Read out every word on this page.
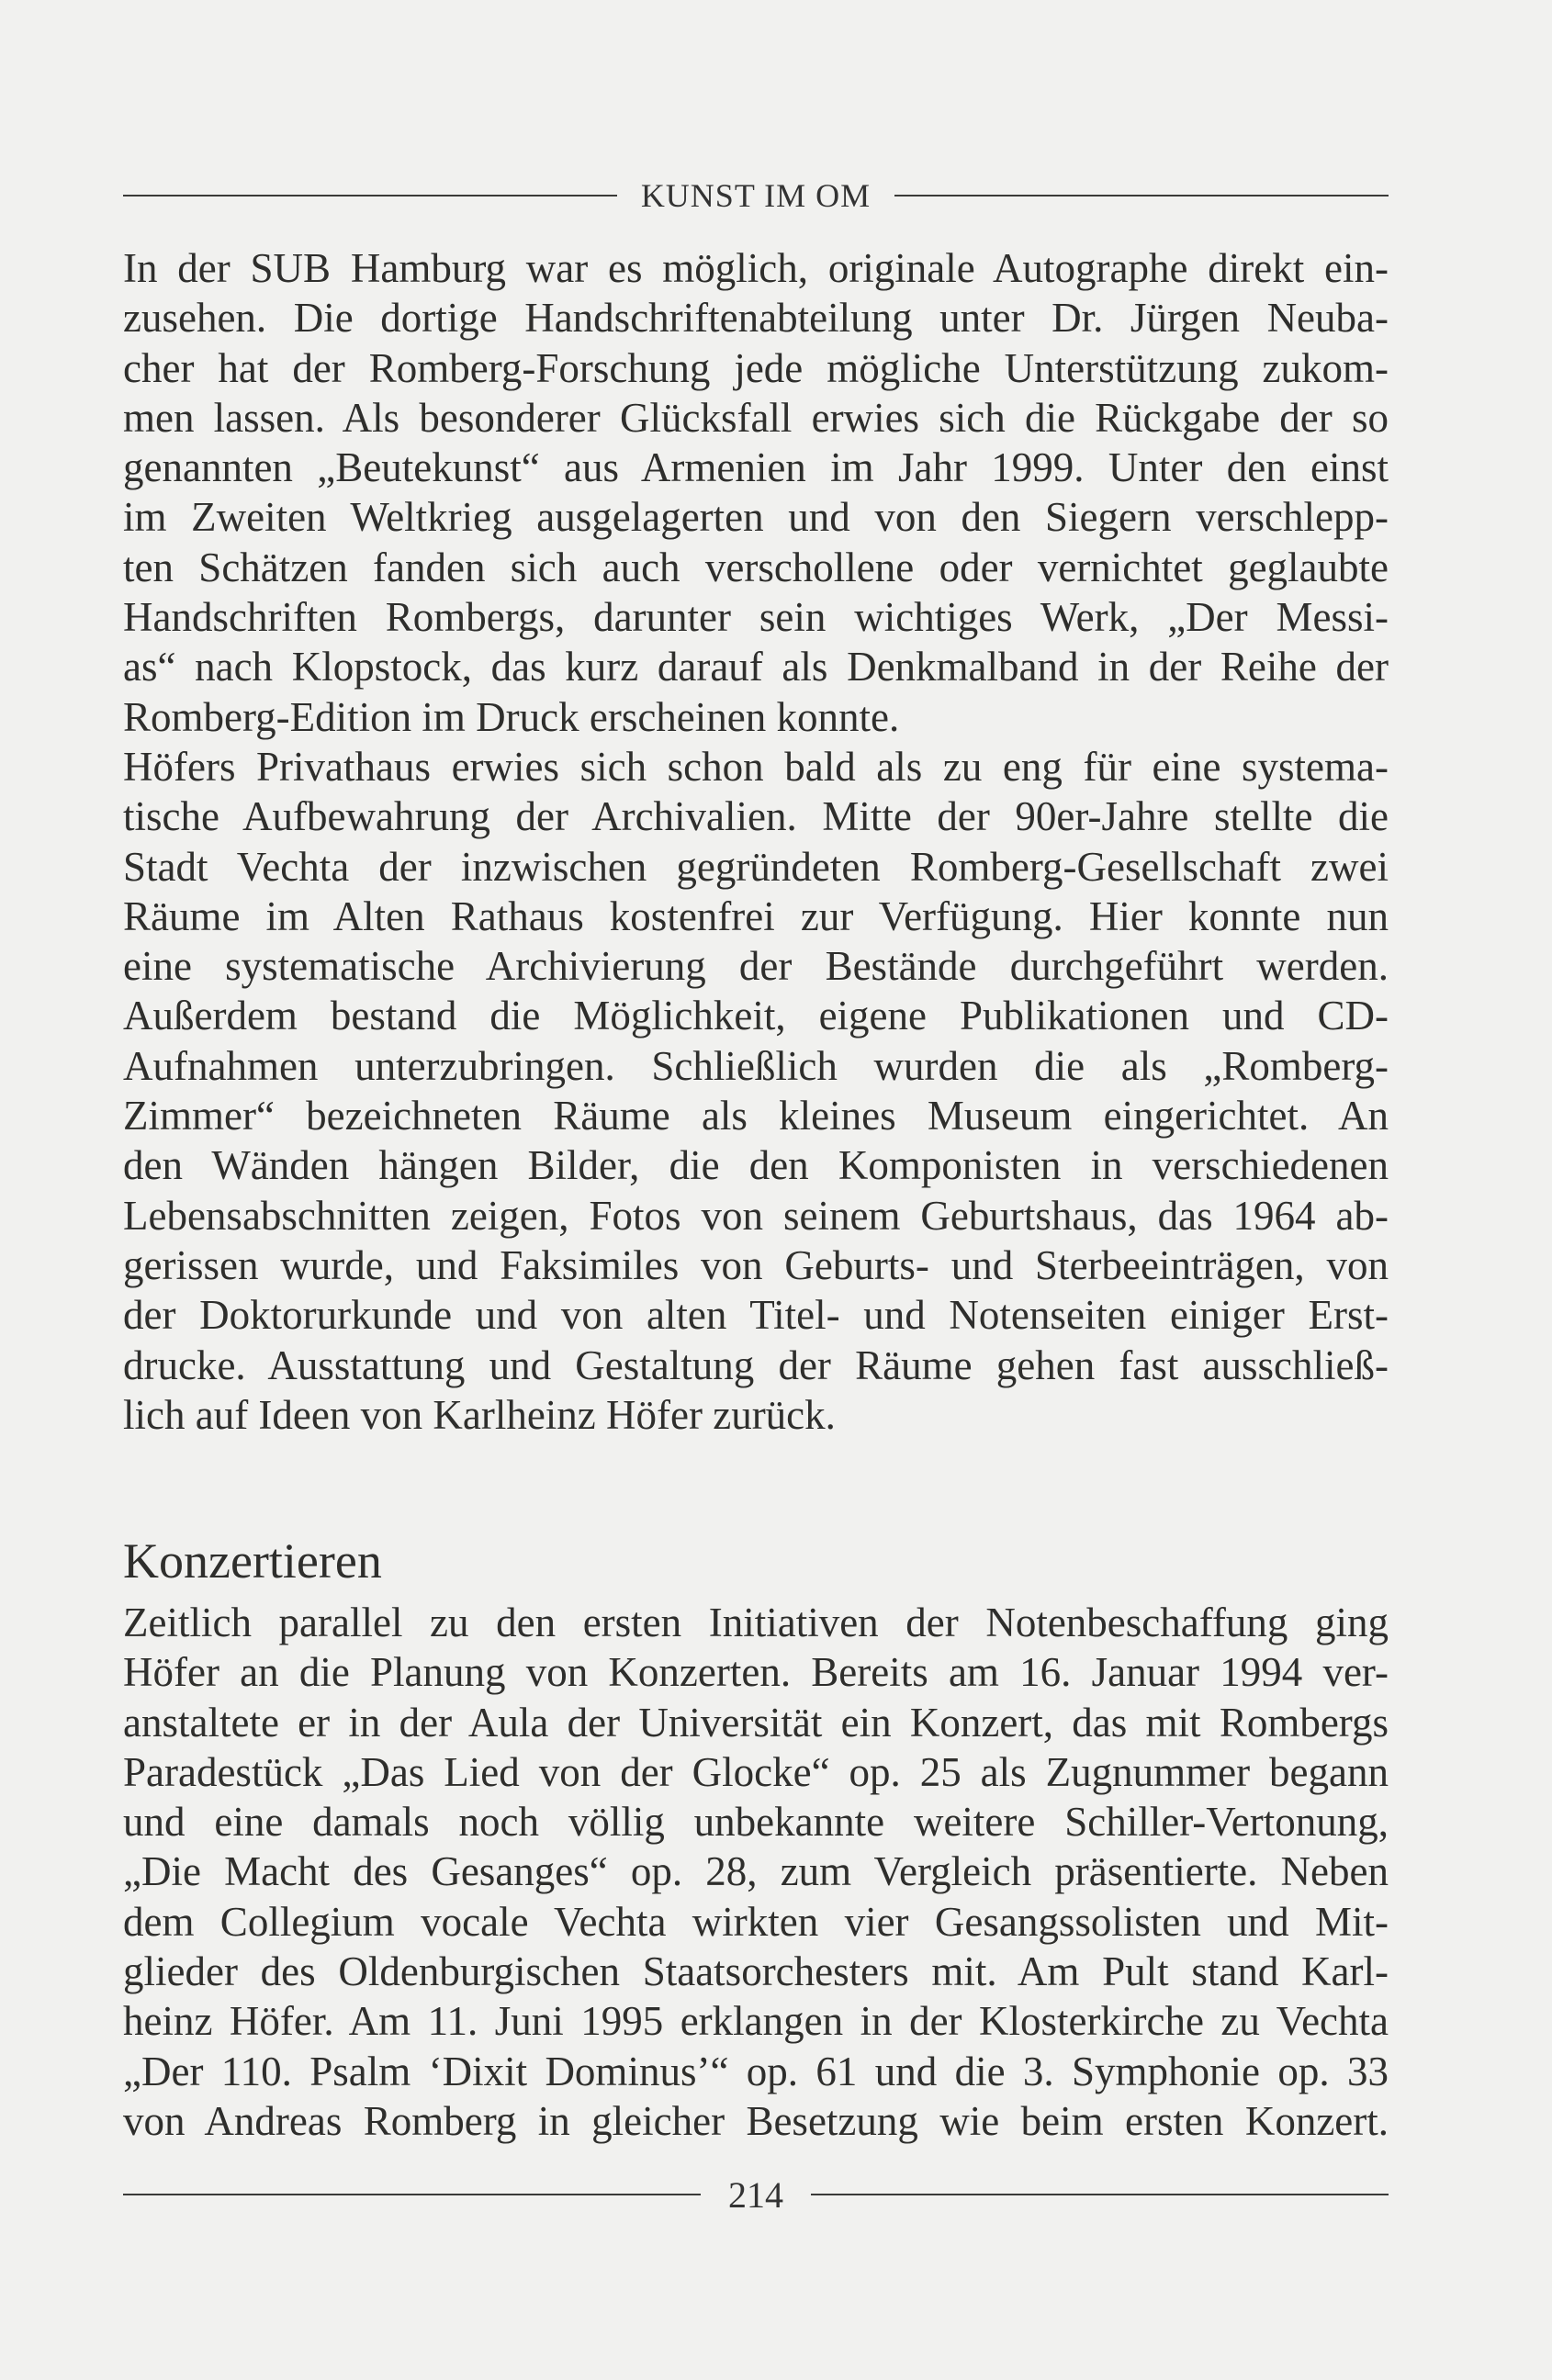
KUNST IM OM
In der SUB Hamburg war es möglich, originale Autographe direkt ein-
zusehen. Die dortige Handschriftenabteilung unter Dr. Jürgen Neuba-
cher hat der Romberg-Forschung jede mögliche Unterstützung zukom-
men lassen. Als besonderer Glücksfall erwies sich die Rückgabe der so
genannten „Beutekunst“ aus Armenien im Jahr 1999. Unter den einst
im Zweiten Weltkrieg ausgelagerten und von den Siegern verschlepp-
ten Schätzen fanden sich auch verschollene oder vernichtet geglaubte
Handschriften Rombergs, darunter sein wichtiges Werk, „Der Messi-
as“ nach Klopstock, das kurz darauf als Denkmalband in der Reihe der
Romberg-Edition im Druck erscheinen konnte.
Höfers Privathaus erwies sich schon bald als zu eng für eine systema-
tische Aufbewahrung der Archivalien. Mitte der 90er-Jahre stellte die
Stadt Vechta der inzwischen gegründeten Romberg-Gesellschaft zwei
Räume im Alten Rathaus kostenfrei zur Verfügung. Hier konnte nun
eine systematische Archivierung der Bestände durchgeführt werden.
Außerdem bestand die Möglichkeit, eigene Publikationen und CD-
Aufnahmen unterzubringen. Schließlich wurden die als „Romberg-
Zimmer“ bezeichneten Räume als kleines Museum eingerichtet. An
den Wänden hängen Bilder, die den Komponisten in verschiedenen
Lebensabschnitten zeigen, Fotos von seinem Geburtshaus, das 1964 ab-
gerissen wurde, und Faksimiles von Geburts- und Sterbeeinträgen, von
der Doktorurkunde und von alten Titel- und Notenseiten einiger Erst-
drucke. Ausstattung und Gestaltung der Räume gehen fast ausschließ-
lich auf Ideen von Karlheinz Höfer zurück.
Konzertieren
Zeitlich parallel zu den ersten Initiativen der Notenbeschaffung ging
Höfer an die Planung von Konzerten. Bereits am 16. Januar 1994 ver-
anstaltete er in der Aula der Universität ein Konzert, das mit Rombergs
Paradestück „Das Lied von der Glocke“ op. 25 als Zugnummer begann
und eine damals noch völlig unbekannte weitere Schiller-Vertonung,
„Die Macht des Gesanges“ op. 28, zum Vergleich präsentierte. Neben
dem Collegium vocale Vechta wirkten vier Gesangssolisten und Mit-
glieder des Oldenburgischen Staatsorchesters mit. Am Pult stand Karl-
heinz Höfer. Am 11. Juni 1995 erklangen in der Klosterkirche zu Vechta
„Der 110. Psalm ‘Dixit Dominus’“ op. 61 und die 3. Symphonie op. 33
von Andreas Romberg in gleicher Besetzung wie beim ersten Konzert.
214
